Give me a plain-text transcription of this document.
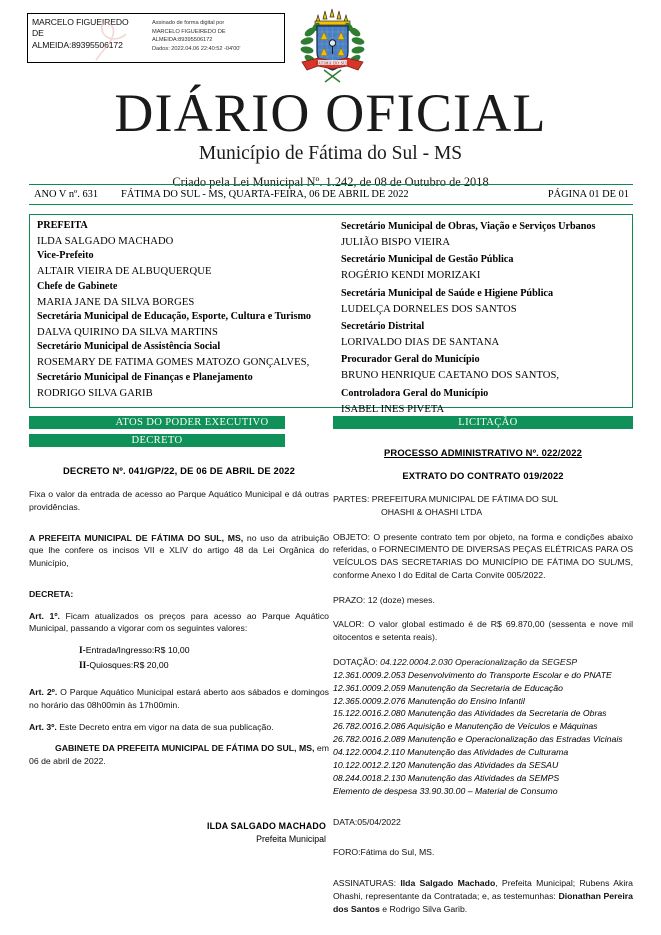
MARCELO FIGUEIREDO
DE
ALMEIDA:89395506172
Assinado de forma digital por
MARCELO FIGUEIREDO DE
ALMEIDA:89395506172
Dados: 2022.04.06 22:40:52 -04'00'
FATIMA DO SUL
DIÁRIO OFICIAL
Município de Fátima do Sul - MS
Criado pela Lei Municipal Nº. 1.242, de 08 de Outubro de 2018
ANO V nº. 631	FÁTIMA DO SUL - MS, QUARTA-FEIRA, 06 DE ABRIL DE 2022	PÁGINA 01 DE 01
PREFEITA
ILDA SALGADO MACHADO
Vice-Prefeito
ALTAIR VIEIRA DE ALBUQUERQUE
Chefe de Gabinete
MARIA JANE DA SILVA BORGES
Secretária Municipal de Educação, Esporte, Cultura e Turismo
DALVA QUIRINO DA SILVA MARTINS
Secretário Municipal de Assistência Social
ROSEMARY DE FATIMA GOMES MATOZO GONÇALVES,
Secretário Municipal de Finanças e Planejamento
RODRIGO SILVA GARIB
Secretário Municipal de Obras, Viação e Serviços Urbanos
JULIÃO BISPO VIEIRA
Secretário Municipal de Gestão Pública
ROGÉRIO KENDI MORIZAKI
Secretária Municipal de Saúde e Higiene Pública
LUDELÇA DORNELES DOS SANTOS
Secretário Distrital
LORIVALDO DIAS DE SANTANA
Procurador Geral do Município
BRUNO HENRIQUE CAETANO DOS SANTOS,
Controladora Geral do Município
ISABEL INES PIVETA
ATOS DO PODER EXECUTIVO
DECRETO
DECRETO Nº. 041/GP/22, DE 06 DE ABRIL DE 2022
Fixa o valor da entrada de acesso ao Parque Aquático Municipal e dá outras providências.
A PREFEITA MUNICIPAL DE FÁTIMA DO SUL, MS, no uso da atribuição que lhe confere os incisos VII e XLIV do artigo 48 da Lei Orgânica do Município,
DECRETA:
Art. 1º. Ficam atualizados os preços para acesso ao Parque Aquático Municipal, passando a vigorar com os seguintes valores:
I-Entrada/Ingresso:R$ 10,00
II-Quiosques:R$ 20,00
Art. 2º. O Parque Aquático Municipal estará aberto aos sábados e domingos no horário das 08h00min às 17h00min.
Art. 3º. Este Decreto entra em vigor na data de sua publicação.
GABINETE DA PREFEITA MUNICIPAL DE FÁTIMA DO SUL, MS, em 06 de abril de 2022.
ILDA SALGADO MACHADO
Prefeita Municipal
LICITAÇÃO
PROCESSO ADMINISTRATIVO Nº. 022/2022
EXTRATO DO CONTRATO 019/2022
PARTES: PREFEITURA MUNICIPAL DE FÁTIMA DO SUL
OHASHI & OHASHI LTDA
OBJETO: O presente contrato tem por objeto, na forma e condições abaixo referidas, o FORNECIMENTO DE DIVERSAS PEÇAS ELÉTRICAS PARA OS VEÍCULOS DAS SECRETARIAS DO MUNICÍPIO DE FÁTIMA DO SUL/MS, conforme Anexo I do Edital de Carta Convite 005/2022.
PRAZO: 12 (doze) meses.
VALOR: O valor global estimado é de R$ 69.870,00 (sessenta e nove mil oitocentos e setenta reais).
DOTAÇÃO: 04.122.0004.2.030 Operacionalização da SEGESP
12.361.0009.2.053 Desenvolvimento do Transporte Escolar e do PNATE
12.361.0009.2.059 Manutenção da Secretaria de Educação
12.365.0009.2.076 Manutenção do Ensino Infantil
15.122.0016.2.080 Manutenção das Atividades da Secretaria de Obras
26.782.0016.2.086 Aquisição e Manutenção de Veículos e Máquinas
26.782.0016.2.089 Manutenção e Operacionalização das Estradas Vicinais
04.122.0004.2.110 Manutenção das Atividades de Culturama
10.122.0012.2.120 Manutenção das Atividades da SESAU
08.244.0018.2.130 Manutenção das Atividades da SEMPS
Elemento de despesa 33.90.30.00 – Material de Consumo
DATA:05/04/2022
FORO:Fátima do Sul, MS.
ASSINATURAS: Ilda Salgado Machado, Prefeita Municipal; Rubens Akira Ohashi, representante da Contratada; e, as testemunhas: Dionathan Pereira dos Santos e Rodrigo Silva Garib.
